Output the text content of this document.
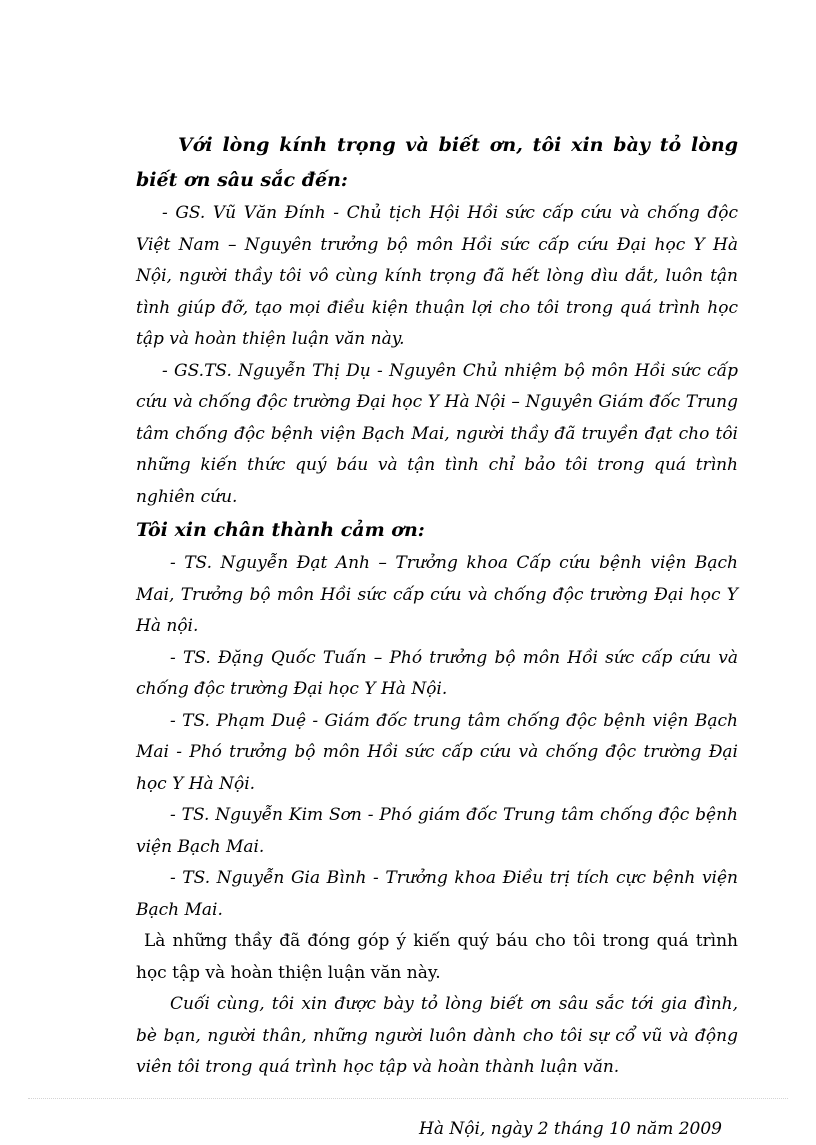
Với lòng kính trọng và biết ơn, tôi xin bày tỏ lòng biết ơn sâu sắc đến:

- GS. Vũ Văn Đính - Chủ tịch Hội Hồi sức cấp cứu và chống độc Việt Nam – Nguyên trưởng bộ môn Hồi sức cấp cứu Đại học Y Hà Nội, người thầy tôi vô cùng kính trọng đã hết lòng dìu dắt, luôn tận tình giúp đỡ, tạo mọi điều kiện thuận lợi cho tôi trong quá trình học tập và hoàn thiện luận văn này.

- GS.TS. Nguyễn Thị Dụ - Nguyên Chủ nhiệm bộ môn Hồi sức cấp cứu và chống độc trường Đại học Y Hà Nội – Nguyên Giám đốc Trung tâm chống độc bệnh viện Bạch Mai, người thầy đã truyền đạt cho tôi những kiến thức quý báu và tận tình chỉ bảo tôi trong quá trình nghiên cứu.

Tôi xin chân thành cảm ơn:

- TS. Nguyễn Đạt Anh – Trưởng khoa Cấp cứu bệnh viện Bạch Mai, Trưởng bộ môn Hồi sức cấp cứu và chống độc trường Đại học Y Hà nội.

- TS. Đặng Quốc Tuấn – Phó trưởng bộ môn Hồi sức cấp cứu và chống độc trường Đại học Y Hà Nội.

- TS. Phạm Duệ - Giám đốc trung tâm chống độc bệnh viện Bạch Mai - Phó trưởng bộ môn Hồi sức cấp cứu và chống độc trường Đại học Y Hà Nội.

- TS. Nguyễn Kim Sơn - Phó giám đốc Trung tâm chống độc bệnh viện Bạch Mai.

- TS. Nguyễn Gia Bình - Trưởng khoa Điều trị tích cực bệnh viện Bạch Mai.

Là những thầy đã đóng góp ý kiến quý báu cho tôi trong quá trình học tập và hoàn thiện luận văn này.

Cuối cùng, tôi xin được bày tỏ lòng biết ơn sâu sắc tới gia đình, bè bạn, người thân, những người luôn dành cho tôi sự cổ vũ và động viên tôi trong quá trình học tập và hoàn thành luận văn.

Hà Nội, ngày 2 tháng 10 năm 2009
